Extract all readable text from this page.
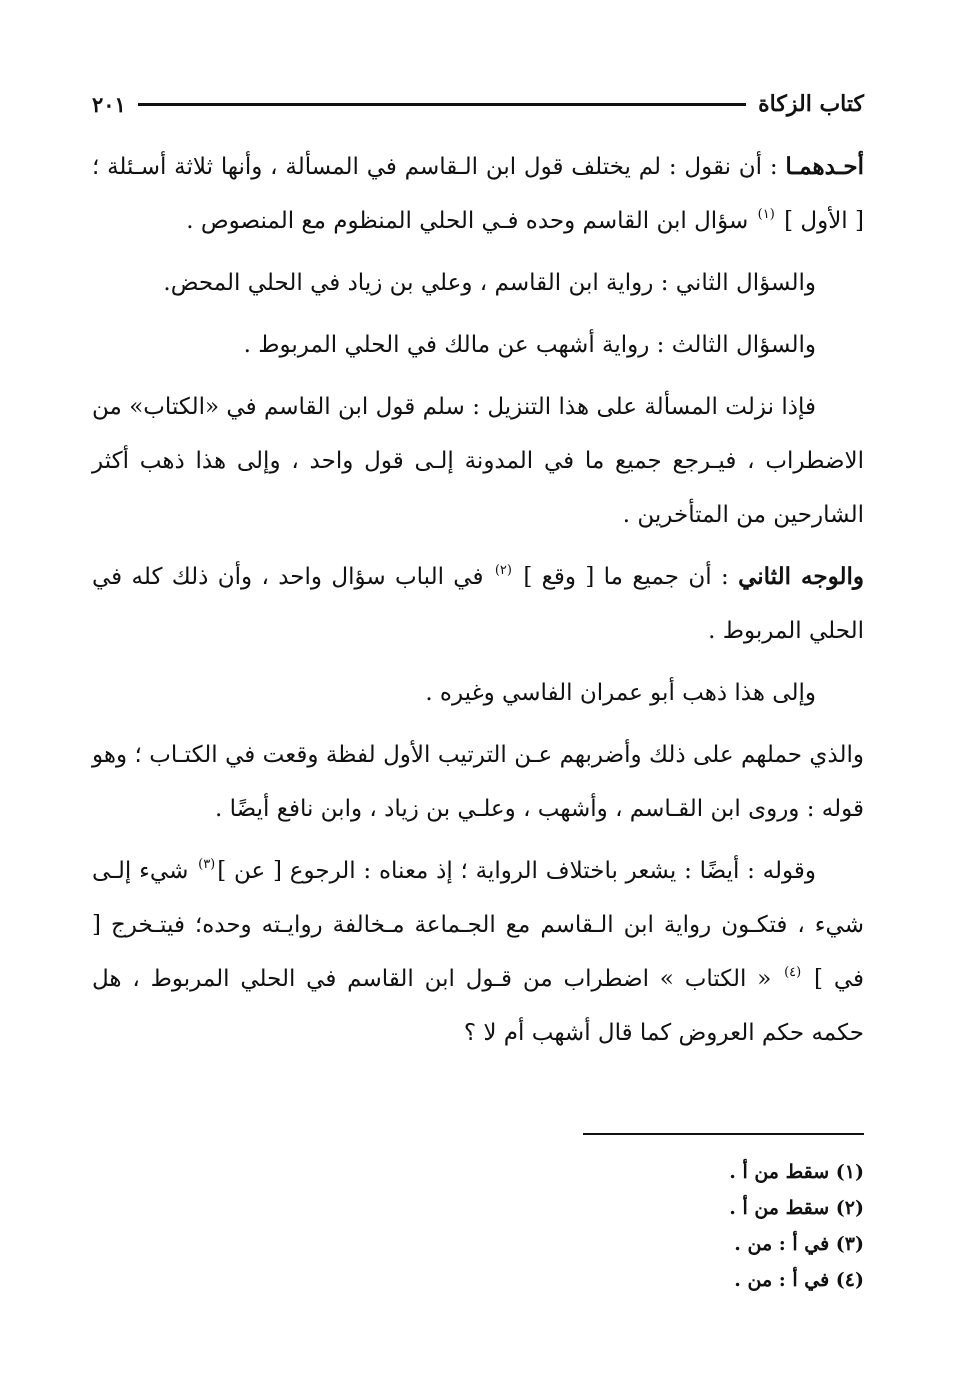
كتاب الزكاة
٢٠١

أحـدهمـا : أن نقول : لم يختلف قول ابن الـقاسم في المسألة ، وأنها ثلاثة أسـئلة ؛ [ الأول ] $^{(١)}$ سؤال ابن القاسم وحده فـي الحلي المنظوم مع المنصوص .

والسؤال الثاني : رواية ابن القاسم ، وعلي بن زياد في الحلي المحض.

والسؤال الثالث : رواية أشهب عن مالك في الحلي المربوط .

فإذا نزلت المسألة على هذا التنزيل : سلم قول ابن القاسم في «الكتاب» من الاضطراب ، فيـرجع جميع ما في المدونة إلـى قول واحد ، وإلى هذا ذهب أكثر الشارحين من المتأخرين .

والوجه الثاني : أن جميع ما [ وقع ] $^{(٢)}$ في الباب سؤال واحد ، وأن ذلك كله في الحلي المربوط .

وإلى هذا ذهب أبو عمران الفاسي وغيره .

والذي حملهم على ذلك وأضربهم عـن الترتيب الأول لفظة وقعت في الكتـاب ؛ وهو قوله : وروى ابن القـاسم ، وأشهب ، وعلـي بن زياد ، وابن نافع أيضًا .

وقوله : أيضًا : يشعر باختلاف الرواية ؛ إذ معناه : الرجوع [ عن ]$^{(٣)}$ شيء إلـى شيء ، فتكـون رواية ابن الـقاسم مع الجـماعة مـخالفة روايـته وحده؛ فيتـخرج [ في ] $^{(٤)}$ « الكتاب » اضطراب من قـول ابن القاسم في الحلي المربوط ، هل حكمه حكم العروض كما قال أشهب أم لا ؟

(١) سقط من أ .
(٢) سقط من أ .
(٣) في أ : من .
(٤) في أ : من .
